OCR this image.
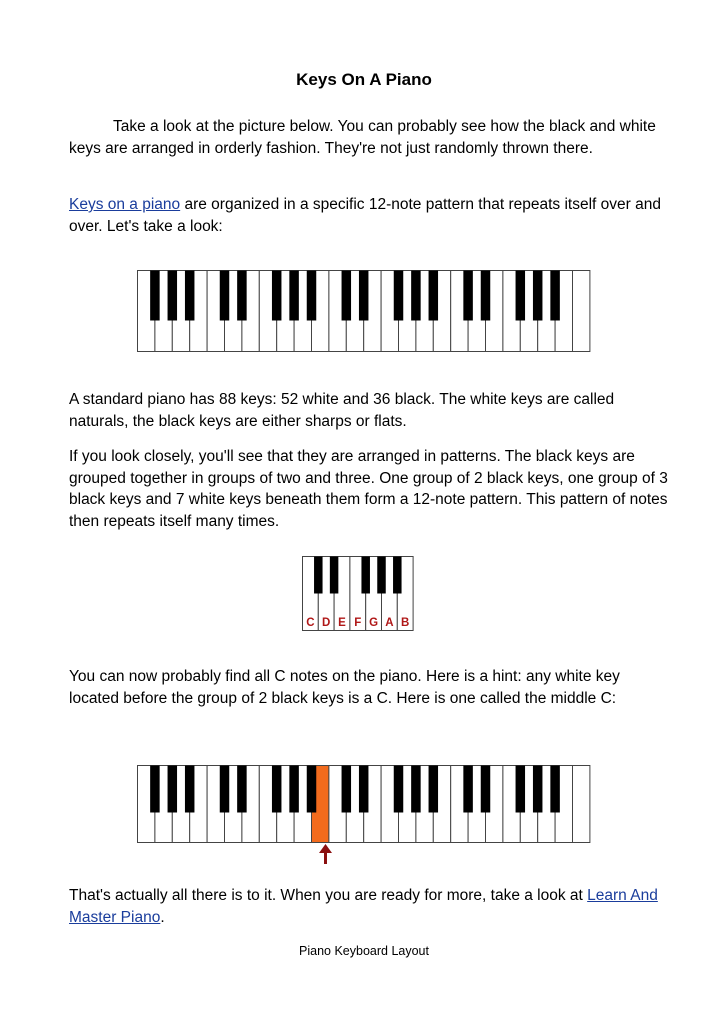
Keys On A Piano

Take a look at the picture below. You can probably see how the black and white keys are arranged in orderly fashion. They're not just randomly thrown there.

Keys on a piano are organized in a specific 12-note pattern that repeats itself over and over. Let's take a look:

A standard piano has 88 keys: 52 white and 36 black. The white keys are called naturals, the black keys are either sharps or flats.

If you look closely, you'll see that they are arranged in patterns. The black keys are grouped together in groups of two and three. One group of 2 black keys, one group of 3 black keys and 7 white keys beneath them form a 12-note pattern. This pattern of notes then repeats itself many times.

C D E F G A B

You can now probably find all C notes on the piano. Here is a hint: any white key located before the group of 2 black keys is a C. Here is one called the middle C:

That's actually all there is to it. When you are ready for more, take a look at Learn And Master Piano.

Piano Keyboard Layout
